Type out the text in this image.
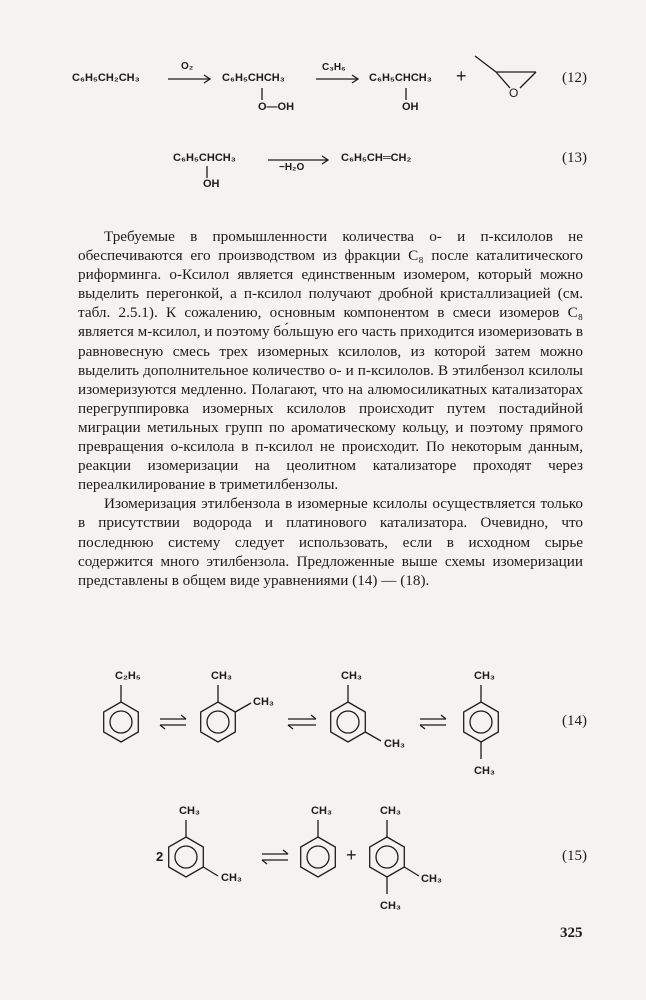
C₆H₅CH₂CH₃
O₂
C₆H₅CHCH₃
O—OH
C₃H₆
C₆H₅CHCH₃
OH
+
O
(12)
C₆H₅CHCH₃
OH
−H₂O
C₆H₅CH═CH₂	(13)

Требуемые в промышленности количества о- и п-ксилолов не обеспечиваются его производством из фракции C₈ после каталитического риформинга. о-Ксилол является единственным изомером, который можно выделить перегонкой, а п-ксилол получают дробной кристаллизацией (см. табл. 2.5.1). К сожалению, основным компонентом в смеси изомеров C₈ является м-ксилол, и поэтому бо́льшую его часть приходится изомеризовать в равновесную смесь трех изомерных ксилолов, из которой затем можно выделить дополнительное количество о- и п-ксилолов. В этилбензол ксилолы изомеризуются медленно. Полагают, что на алюмосиликатных катализаторах перегруппировка изомерных ксилолов происходит путем постадийной миграции метильных групп по ароматическому кольцу, и поэтому прямого превращения о-ксилола в п-ксилол не происходит. По некоторым данным, реакции изомеризации на цеолитном катализаторе проходят через переалкилирование в триметилбензолы.

Изомеризация этилбензола в изомерные ксилолы осуществляется только в присутствии водорода и платинового катализатора. Очевидно, что последнюю систему следует использовать, если в исходном сырье содержится много этилбензола. Предложенные выше схемы изомеризации представлены в общем виде уравнениями (14) — (18).

(14)
2	+	(15)
325
C₂H₅	CH₃
CH₃
CH₃
CH₃
CH₃
CH₃
CH₃
CH₃
CH₃	CH₃
CH₃
CH₃
